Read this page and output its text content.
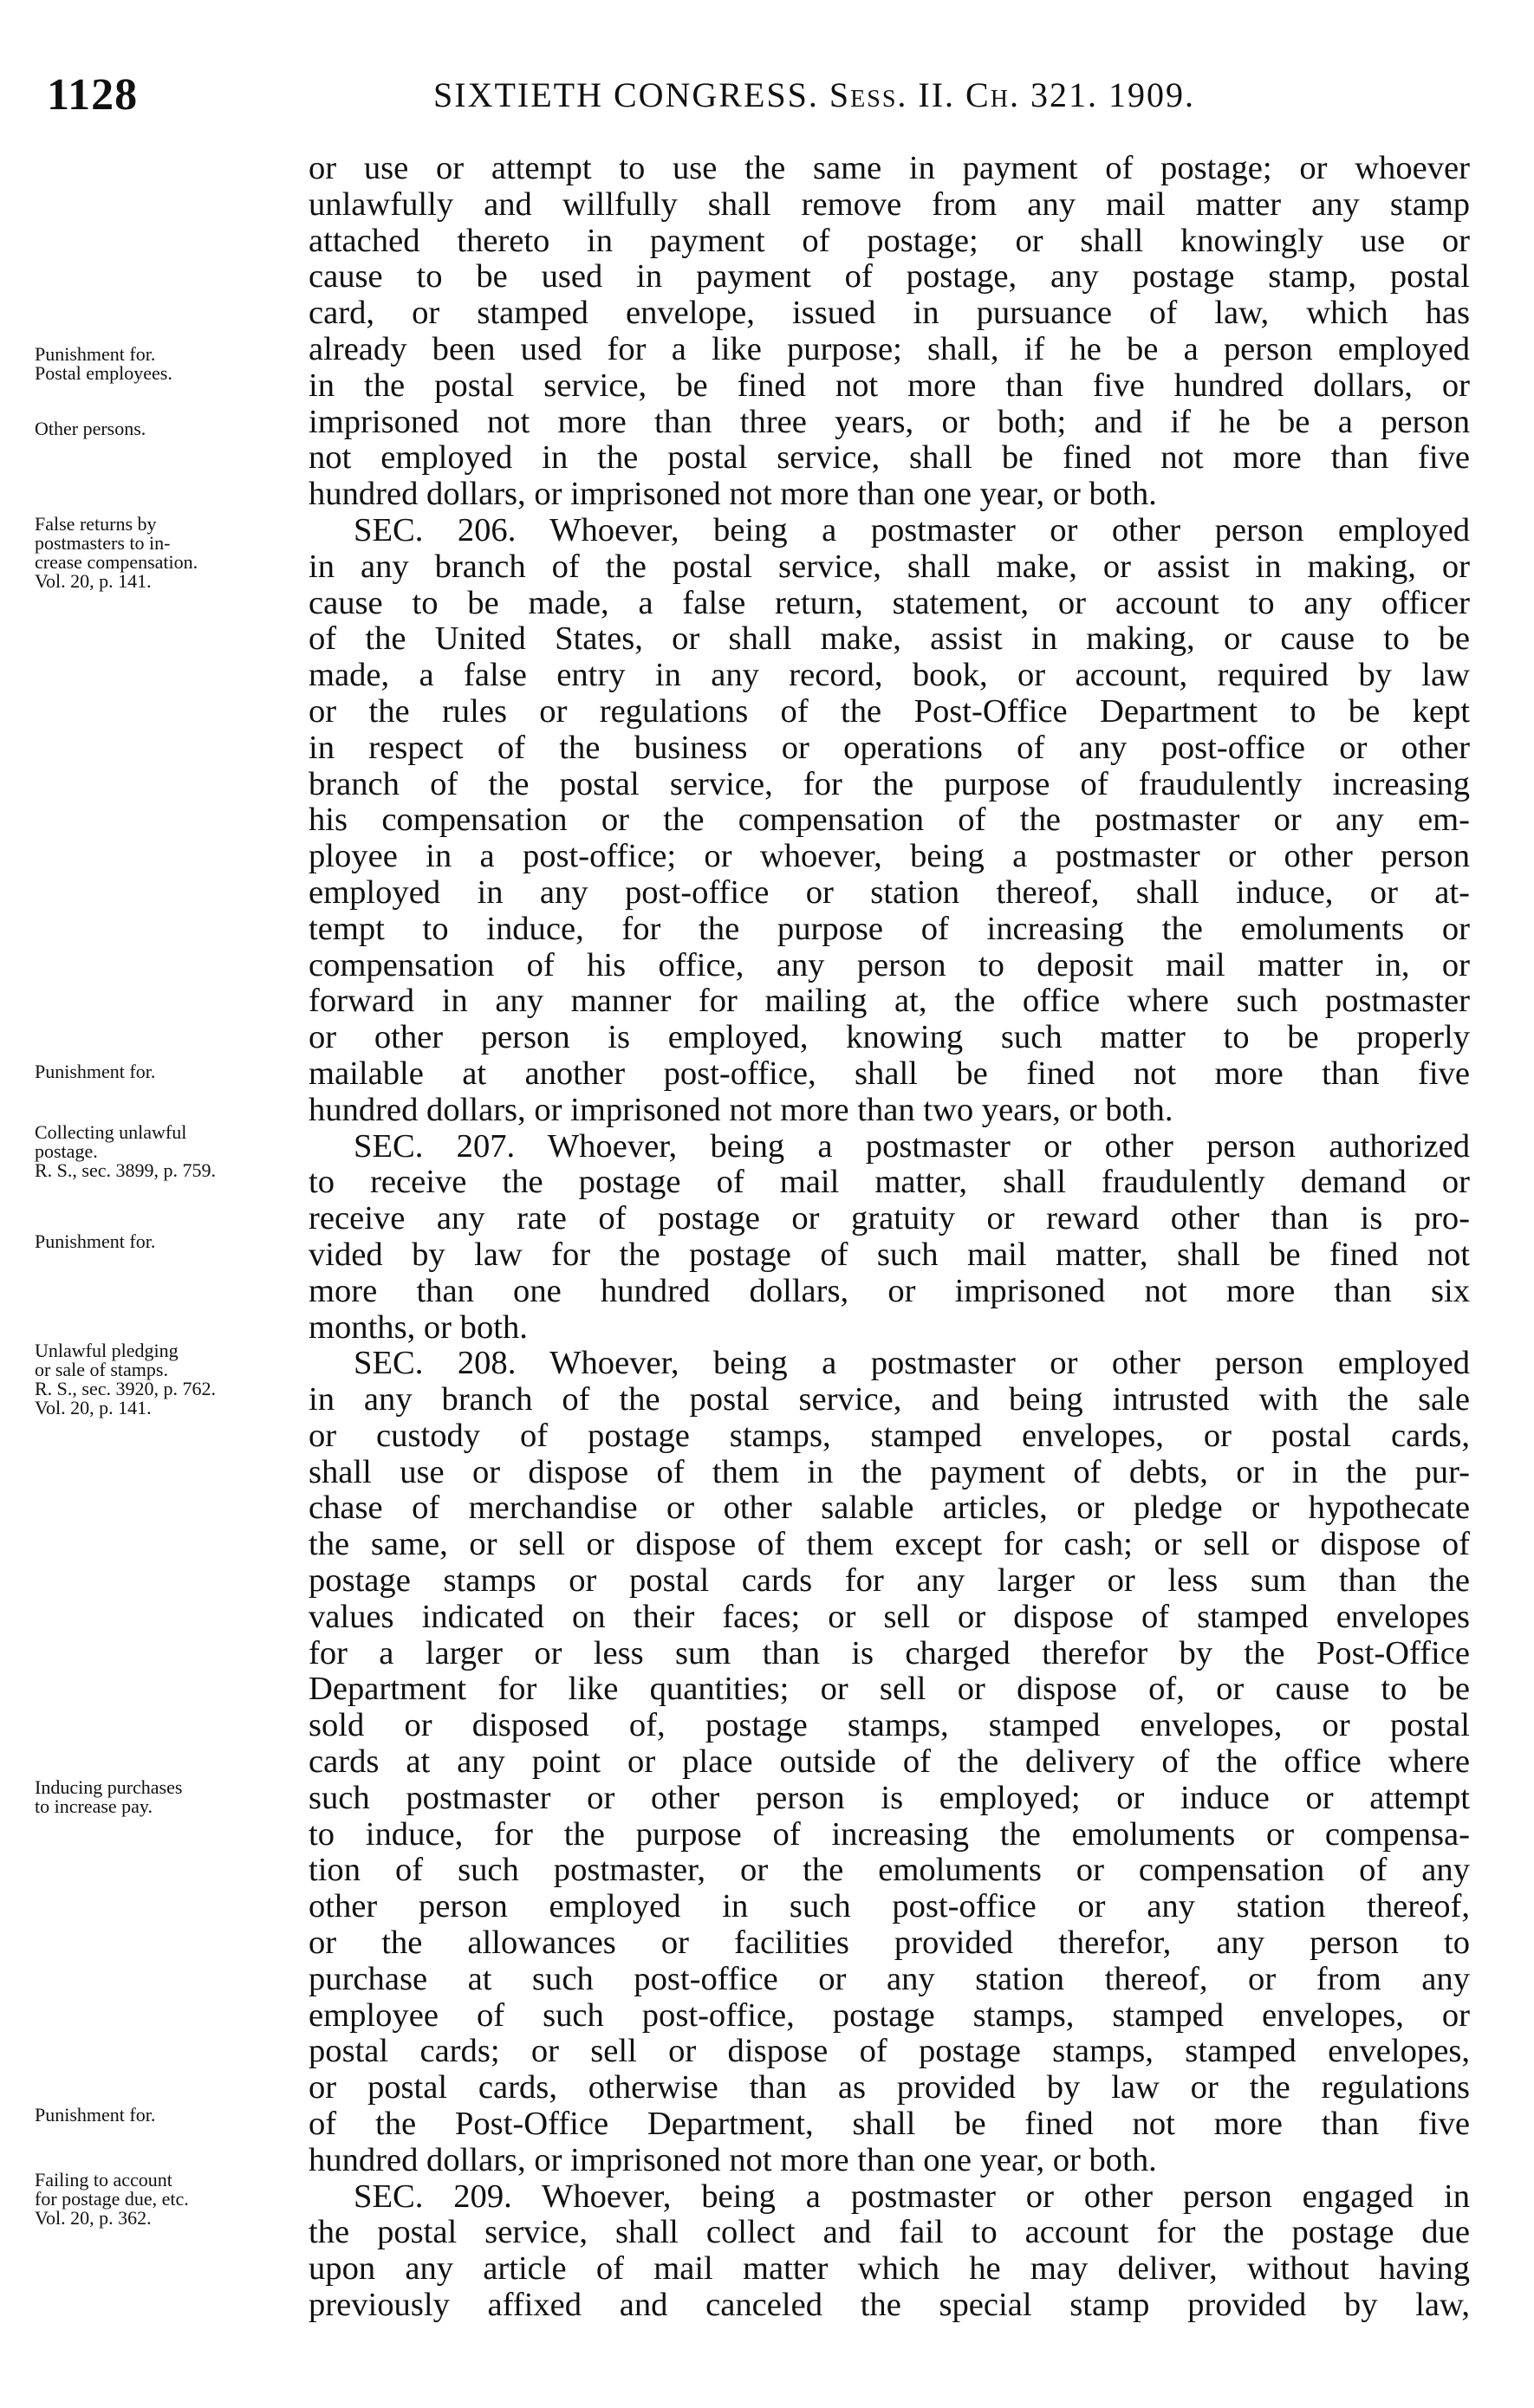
1128	SIXTIETH CONGRESS. Sess. II. Ch. 321. 1909.
Punishment for.
Postal employees.
Other persons.
False returns by
postmasters to in-
crease compensation.
Vol. 20, p. 141.
Punishment for.
Collecting unlawful
postage.
R. S., sec. 3899, p. 759.
Punishment for.
Unlawful pledging
or sale of stamps.
R. S., sec. 3920, p. 762.
Vol. 20, p. 141.
Inducing purchases
to increase pay.
Punishment for.
Failing to account
for postage due, etc.
Vol. 20, p. 362.
or use or attempt to use the same in payment of postage; or whoever
unlawfully and willfully shall remove from any mail matter any stamp
attached thereto in payment of postage; or shall knowingly use or
cause to be used in payment of postage, any postage stamp, postal
card, or stamped envelope, issued in pursuance of law, which has
already been used for a like purpose; shall, if he be a person employed
in the postal service, be fined not more than five hundred dollars, or
imprisoned not more than three years, or both; and if he be a person
not employed in the postal service, shall be fined not more than five
hundred dollars, or imprisoned not more than one year, or both.
SEC. 206. Whoever, being a postmaster or other person employed
in any branch of the postal service, shall make, or assist in making, or
cause to be made, a false return, statement, or account to any officer
of the United States, or shall make, assist in making, or cause to be
made, a false entry in any record, book, or account, required by law
or the rules or regulations of the Post-Office Department to be kept
in respect of the business or operations of any post-office or other
branch of the postal service, for the purpose of fraudulently increasing
his compensation or the compensation of the postmaster or any em-
ployee in a post-office; or whoever, being a postmaster or other person
employed in any post-office or station thereof, shall induce, or at-
tempt to induce, for the purpose of increasing the emoluments or
compensation of his office, any person to deposit mail matter in, or
forward in any manner for mailing at, the office where such postmaster
or other person is employed, knowing such matter to be properly
mailable at another post-office, shall be fined not more than five
hundred dollars, or imprisoned not more than two years, or both.
SEC. 207. Whoever, being a postmaster or other person authorized
to receive the postage of mail matter, shall fraudulently demand or
receive any rate of postage or gratuity or reward other than is pro-
vided by law for the postage of such mail matter, shall be fined not
more than one hundred dollars, or imprisoned not more than six
months, or both.
SEC. 208. Whoever, being a postmaster or other person employed
in any branch of the postal service, and being intrusted with the sale
or custody of postage stamps, stamped envelopes, or postal cards,
shall use or dispose of them in the payment of debts, or in the pur-
chase of merchandise or other salable articles, or pledge or hypothecate
the same, or sell or dispose of them except for cash; or sell or dispose of
postage stamps or postal cards for any larger or less sum than the
values indicated on their faces; or sell or dispose of stamped envelopes
for a larger or less sum than is charged therefor by the Post-Office
Department for like quantities; or sell or dispose of, or cause to be
sold or disposed of, postage stamps, stamped envelopes, or postal
cards at any point or place outside of the delivery of the office where
such postmaster or other person is employed; or induce or attempt
to induce, for the purpose of increasing the emoluments or compensa-
tion of such postmaster, or the emoluments or compensation of any
other person employed in such post-office or any station thereof,
or the allowances or facilities provided therefor, any person to
purchase at such post-office or any station thereof, or from any
employee of such post-office, postage stamps, stamped envelopes, or
postal cards; or sell or dispose of postage stamps, stamped envelopes,
or postal cards, otherwise than as provided by law or the regulations
of the Post-Office Department, shall be fined not more than five
hundred dollars, or imprisoned not more than one year, or both.
SEC. 209. Whoever, being a postmaster or other person engaged in
the postal service, shall collect and fail to account for the postage due
upon any article of mail matter which he may deliver, without having
previously affixed and canceled the special stamp provided by law,
